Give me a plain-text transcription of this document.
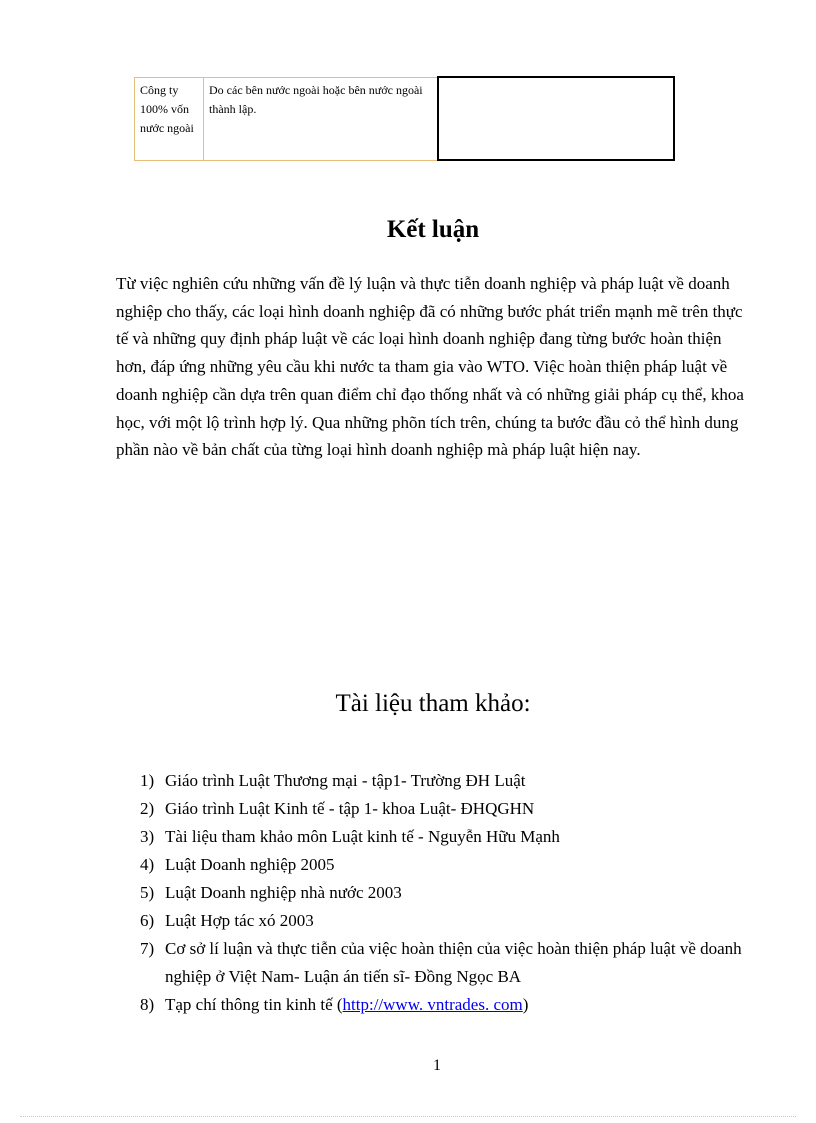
Công ty 100% vốn nước ngoài	Do các bên nước ngoài hoặc bên nước ngoài thành lập.	
Kết luận

Từ việc nghiên cứu những vấn đề lý luận và thực tiễn doanh nghiệp và pháp luật về doanh nghiệp cho thấy, các loại hình doanh nghiệp đã có những bước phát triển mạnh mẽ trên thực tế và những quy định pháp luật về các loại hình doanh nghiệp đang từng bước hoàn thiện hơn, đáp ứng những yêu cầu khi nước ta tham gia vào WTO. Việc hoàn thiện pháp luật về doanh nghiệp cần dựa trên quan điểm chỉ đạo thống nhất và có những giải pháp cụ thể, khoa học, với một lộ trình hợp lý. Qua những phõn tích trên, chúng ta bước đầu cỏ thể hình dung phần nào về bản chất của từng loại hình doanh nghiệp mà pháp luật hiện nay.

Tài liệu tham khảo:
1) Giáo trình Luật Thương mại - tập1- Trường ĐH Luật
2) Giáo trình Luật Kinh tế - tập 1- khoa Luật- ĐHQGHN
3) Tài liệu tham khảo môn Luật kinh tế - Nguyễn Hữu Mạnh
4) Luật Doanh nghiệp 2005
5) Luật Doanh nghiệp nhà nước 2003
6) Luật Hợp tác xó 2003
7) Cơ sở lí luận và thực tiễn của việc hoàn thiện của việc hoàn thiện pháp luật về doanh nghiệp ở Việt Nam- Luận án tiến sĩ- Đồng Ngọc BA
8) Tạp chí thông tin kinh tế (http://www. vntrades. com)
1
